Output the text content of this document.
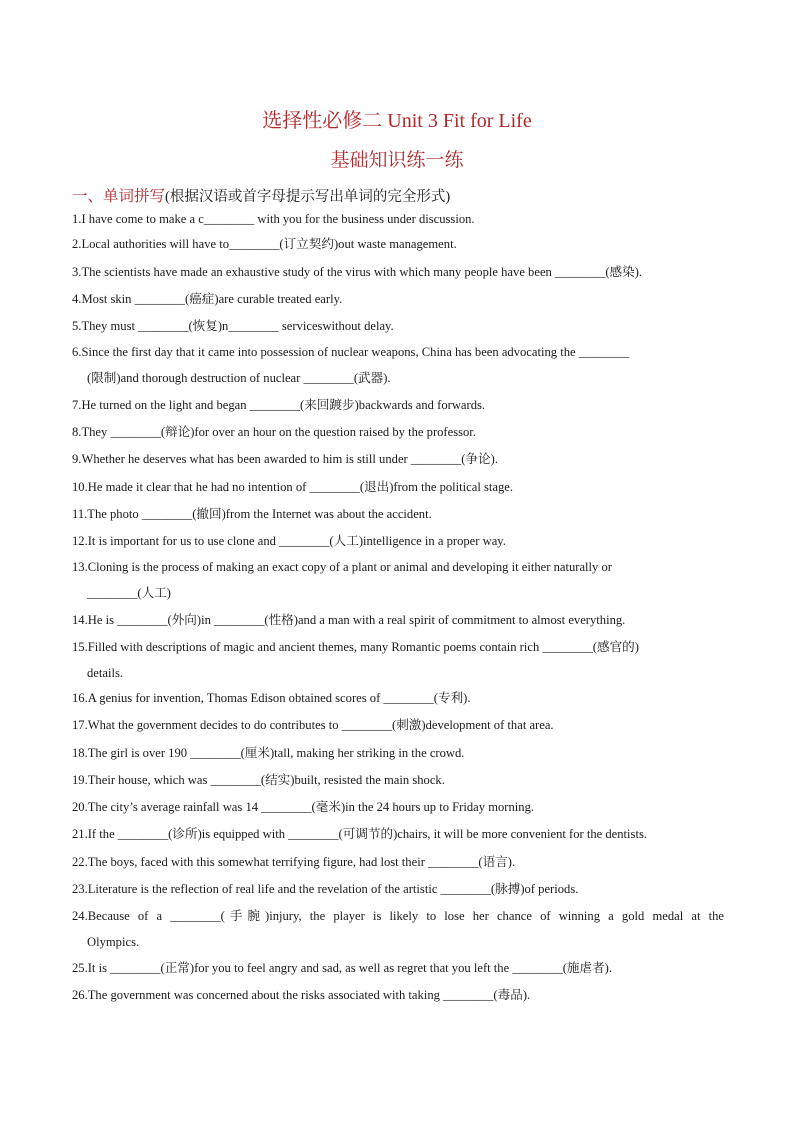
选择性必修二 Unit 3 Fit for Life
基础知识练一练
一、单词拼写(根据汉语或首字母提示写出单词的完全形式)
1.I have come to make a c________ with you for the business under discussion.
2.Local authorities will have to________(订立契约)out waste management.
3.The scientists have made an exhaustive study of the virus with which many people have been ________(感染).
4.Most skin ________(癌症)are curable treated early.
5.They must ________(恢复)n________ serviceswithout delay.
6.Since the first day that it came into possession of nuclear weapons, China has been advocating the ________
(限制)and thorough destruction of nuclear ________(武器).
7.He turned on the light and began ________(来回踱步)backwards and forwards.
8.They ________(辩论)for over an hour on the question raised by the professor.
9.Whether he deserves what has been awarded to him is still under ________(争论).
10.He made it clear that he had no intention of ________(退出)from the political stage.
11.The photo ________(撤回)from the Internet was about the accident.
12.It is important for us to use clone and ________(人工)intelligence in a proper way.
13.Cloning is the process of making an exact copy of a plant or animal and developing it either naturally or
________(人工)
14.He is ________(外向)in ________(性格)and a man with a real spirit of commitment to almost everything.
15.Filled with descriptions of magic and ancient themes, many Romantic poems contain rich ________(感官的)
details.
16.A genius for invention, Thomas Edison obtained scores of ________(专利).
17.What the government decides to do contributes to ________(刺激)development of that area.
18.The girl is over 190 ________(厘米)tall, making her striking in the crowd.
19.Their house, which was ________(结实)built, resisted the main shock.
20.The city’s average rainfall was 14 ________(毫米)in the 24 hours up to Friday morning.
21.If the ________(诊所)is equipped with ________(可调节的)chairs, it will be more convenient for the dentists.
22.The boys, faced with this somewhat terrifying figure, had lost their ________(语言).
23.Literature is the reflection of real life and the revelation of the artistic ________(脉搏)of periods.
24.Because of a ________(手腕)injury, the player is likely to lose her chance of winning a gold medal at the
Olympics.
25.It is ________(正常)for you to feel angry and sad, as well as regret that you left the ________(施虐者).
26.The government was concerned about the risks associated with taking ________(毒品).
